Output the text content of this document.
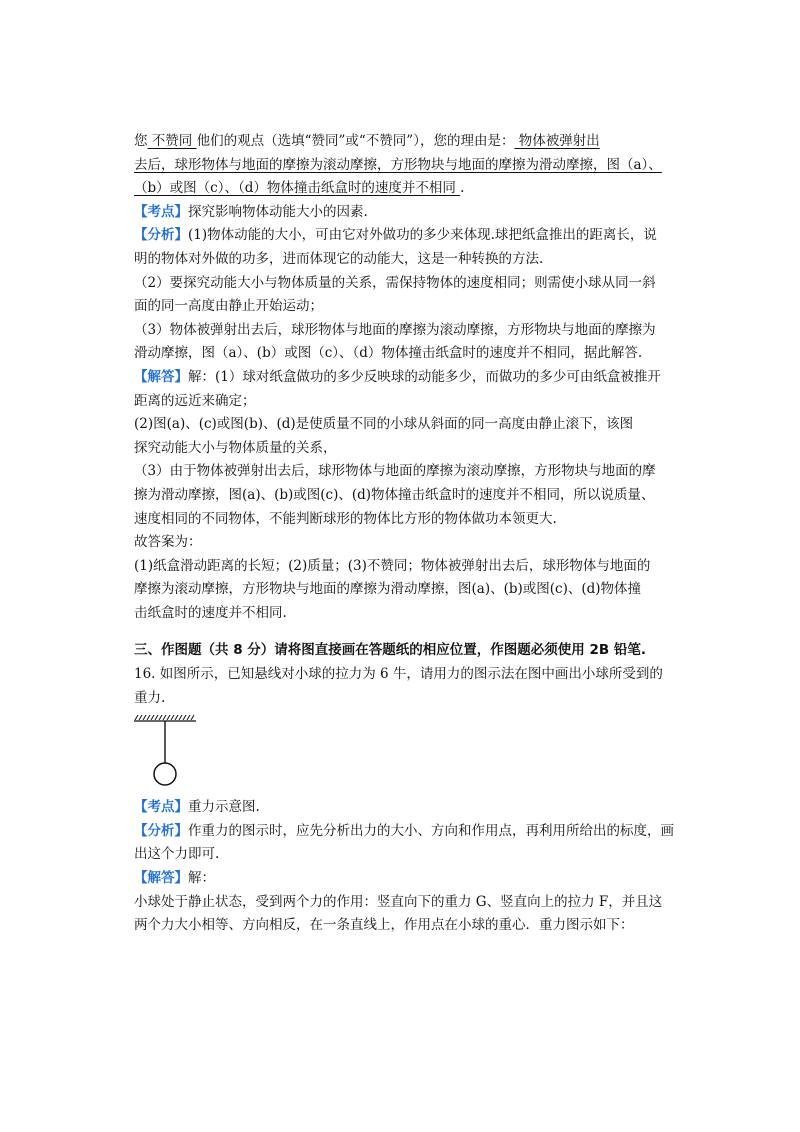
您 不赞同 他们的观点（选填“赞同”或“不赞同”），您的理由是： 物体被弹射出
去后，球形物体与地面的摩擦为滚动摩擦，方形物块与地面的摩擦为滑动摩擦，图（a）、
（b）或图（c）、（d）物体撞击纸盒时的速度并不相同 .
【考点】探究影响物体动能大小的因素.
【分析】(1)物体动能的大小，可由它对外做功的多少来体现.球把纸盒推出的距离长，说
明的物体对外做的功多，进而体现它的动能大，这是一种转换的方法.
（2）要探究动能大小与物体质量的关系，需保持物体的速度相同；则需使小球从同一斜
面的同一高度由静止开始运动；
（3）物体被弹射出去后，球形物体与地面的摩擦为滚动摩擦，方形物块与地面的摩擦为
滑动摩擦，图（a）、(b）或图（c）、（d）物体撞击纸盒时的速度并不相同，据此解答.
【解答】解：(1）球对纸盒做功的多少反映球的动能多少，而做功的多少可由纸盒被推开
距离的远近来确定；
(2)图(a)、(c)或图(b)、(d)是使质量不同的小球从斜面的同一高度由静止滚下，该图
探究动能大小与物体质量的关系，
（3）由于物体被弹射出去后，球形物体与地面的摩擦为滚动摩擦，方形物块与地面的摩
擦为滑动摩擦，图(a)、(b)或图(c)、(d)物体撞击纸盒时的速度并不相同，所以说质量、
速度相同的不同物体，不能判断球形的物体比方形的物体做功本领更大.
故答案为：
(1)纸盒滑动距离的长短；(2)质量；(3)不赞同；物体被弹射出去后，球形物体与地面的
摩擦为滚动摩擦，方形物块与地面的摩擦为滑动摩擦，图(a)、(b)或图(c)、(d)物体撞
击纸盒时的速度并不相同.
三、作图题（共 8 分）请将图直接画在答题纸的相应位置，作图题必须使用 2B 铅笔.
16. 如图所示，已知悬线对小球的拉力为 6 牛，请用力的图示法在图中画出小球所受到的
重力.
【考点】重力示意图.
【分析】作重力的图示时，应先分析出力的大小、方向和作用点，再利用所给出的标度，画
出这个力即可.
【解答】解：
小球处于静止状态，受到两个力的作用：竖直向下的重力 G、竖直向上的拉力 F，并且这
两个力大小相等、方向相反，在一条直线上，作用点在小球的重心．重力图示如下：
